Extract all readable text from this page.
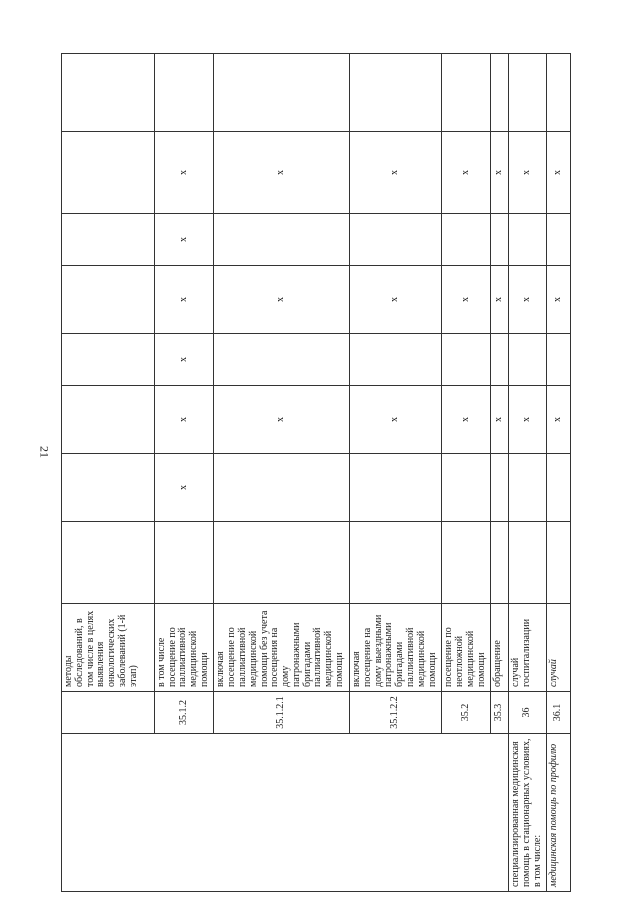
21
		методы обследований, в том числе в целях выявления онкологических заболеваний (1-й этап)								
	35.1.2	в том числе посещение по паллиативной медицинской помощи		x	x	x	x	x	x	
	35.1.2.1	включая посещение по паллиативной медицинской помощи без учета посещения на дому патронажными бригадами паллиативной медицинской помощи			x		x		x	
	35.1.2.2	включая посещение на дому выездными патронажными бригадами паллиативной медицинской помощи			x		x		x	
	35.2	посещение по неотложной медицинской помощи			x		x		x	
	35.3	обращение			x		x		x	
специализированная медицинская помощь в стационарных условиях, в том числе:	36	случай госпитализации			x		x		x	
медицинская помощь по профилю	36.1	случай			x		x		x	
